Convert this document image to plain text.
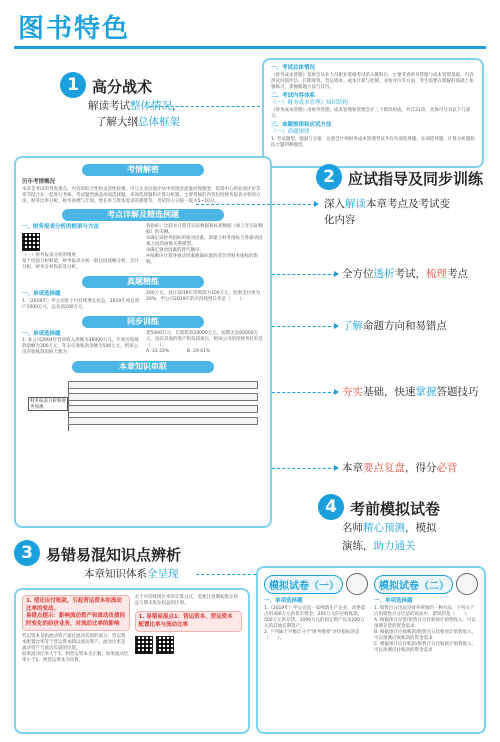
图书特色
1 高分战术
解读考试整体情况，
了解大纲总体框架
一、考试总体情况
《财务成本管理》是财会从业人员职业资格考试的关键科目，主要考查财务管理与成本管理基础、内容涉及价值评估、长期筹资、营运资本、成本计算与控制、业绩评价等方面。考生需要在理解的基础上加强练习，掌握解题方法与技巧。
二、考试内容体系
（一）财务成本管理》知识结构
《财务成本管理》由财务管理、成本管理和管理会计三个模块构成，共计21章，具体可分为以下几部分。
三、命题规律和应试方法
（一）命题规律
1. 考试题型、题量与分值：注册会计师财务成本管理考试共有单项选择题、多项选择题、计算分析题和综合题四种题型。
考情解密
历年考情概况
本章是考试的考查重点，内容的综合性和灵活性较强，可与企业价值评估中的现金流量折现模型、投资中心的业绩评价等章节结合在一起进行考核，考试题型涵盖单项选择题、多项选择题和计算分析题。主要考核的内容包括财务报表分析的方法、财务比率分析、财务预测与计划、增长率与资本需求的测算等，考试所占分值一般为5~10分。
考点详解及精选例题
一、财务报表分析的框架与方法
（一）财务报表分析的维度
基于价值分析框架，财务报表分析一般包括战略分析、会计分析、财务分析和前景分析。
各指标，比较并计算其实际数据和标准数据（如上年实际数据）的差额。
②确定该财务指标的驱动因素，即建立财务指标与各驱动因素之间的函数关系模型。
③确定驱动因素的替代顺序。
④按顺序计算各驱动因素脱离标准的差异对财务指标的影响。
真题精练
一、单项选择题
1.（2019年）甲公司处于可持续增长状态，2019年初总资产1000万元，总负债200万元，
200万元，预计2019年净利润为100万元，股利支付率为20%，甲公司2019年的可持续增长率是（　　）。
同步训练
一、单项选择题
1. 某公司2004年营业收入净额为36000万元，年初应收账款余额为300万元，年末应收账款余额为500万元，则该公司应收账款周转天数为
货5000万元，长期借款20000万元，短期无息60000万元，没有其他的资产和负债项目，则该公司的净财务杠杆是（　　）。
A. 33.33%　　　　B. 29.41%
本章知识串联
财务报表分析和财务预测
2 应试指导及同步训练
深入解读本章考点及考试变
化内容
全方位透析考试，梳理考点
了解命题方向和易错点
夯实基础，快速掌握答题技巧
本章要点复盘，得分必背
4 考前模拟试卷
名师精心预测，模拟
演练，助力通关
3 易错易混知识点辨析
本章知识体系全呈现
1. 偿还应付账款，引起营运资本和流动比率的变动。
易错点提示：影响流动资产和流动负债同时变化的经济业务，对流动比率的影响
营运资本是指流动资产超过流动负债的部分，营运资本配置比率等于营运资本除以流动资产。流动比率是流动资产与流动负债的比值。
如果流动比率大于1，则营运资本为正数；如果流动比率小于1，则营运资本为负数。
关于可持续增长率的计算公式，需要注意期初股东权益与期末股东权益的区别。
1. 易错易混点1：营运资本、营运资本配置比率与流动比率
模拟试卷（一）
一、单项选择题
1.（2019年）甲公司是一家啤酒生产企业，淡季需占用300万元的货币资金、200万元的应收账款、500万元的存货、1000万元的固定资产以及200万元的其他长期资产。
2. 下列属于平衡计分卡"财务维度"评价指标的是（　　）。
模拟试卷（二）
一、单项选择题
1. 销售百分比法是财务规划的一种方法，下列关于应用销售百分比法的说法中，错误的是（　　）。
A. 根据预计存货/销售百分比和预计销售收入，可以预测存货的资金需求
B. 根据预计应收账款/销售百分比和预计销售收入，可以预测应收账款的资金需求
C. 根据预计应付账款/销售百分比和预计销售收入，可以预测应付账款的资金需求
